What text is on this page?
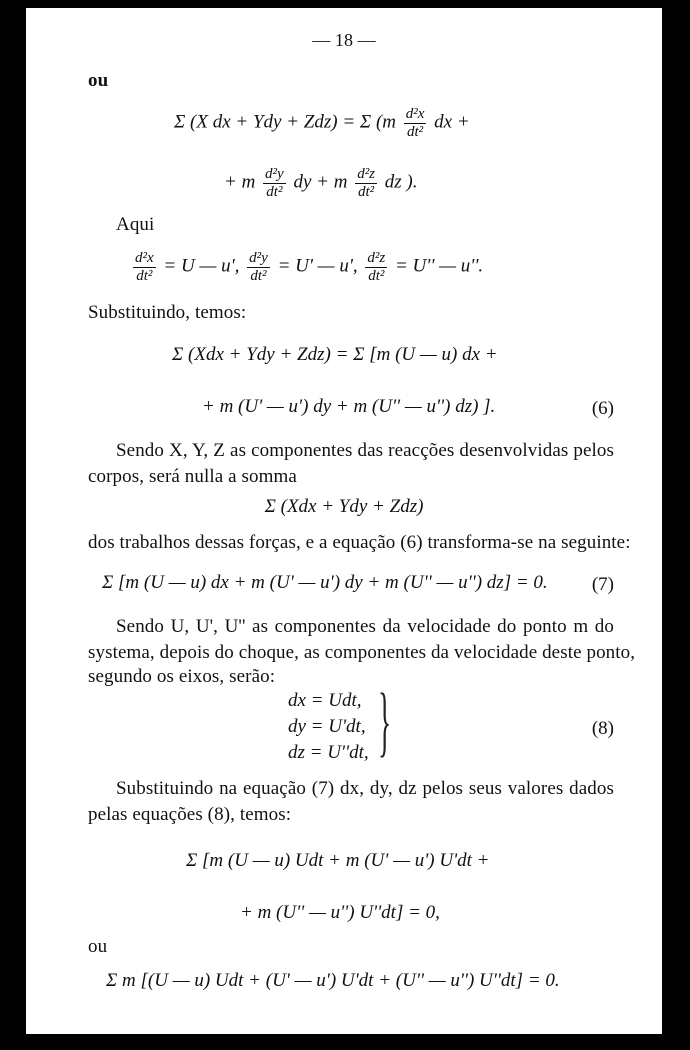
— 18 —
ou
Σ (X dx + Ydy + Zdz) = Σ ($m \frac{\text{d²x}}{\text{dt²}}$ dx +
+ m $\frac{\text{d²y}}{\text{dt²}}$ dy + m $\frac{\text{d²z}}{\text{dt²}}$ dz ).
Aqui
$\frac{\text{d²x}}{\text{dt²}} = U$ — u', $\frac{\text{d²y}}{\text{dt²}} = U'$ — u', $\frac{\text{d²z}}{\text{dt²}} = U''$ — u''.
Substituindo, temos:
Σ (Xdx + Ydy + Zdz) = Σ [m (U — u) dx +
+ m (U' — u') dy + m (U'' — u'') dz) ].	(6)
Sendo X, Y, Z as componentes das reacções desenvolvidas pelos
corpos, será nulla a somma
Σ (Xdx + Ydy + Zdz)
dos trabalhos dessas forças, e a equação (6) transforma-se na seguinte:
Σ [m (U — u) dx + m (U' — u') dy + m (U'' — u'') dz] = 0. (7)
Sendo U, U', U'' as componentes da velocidade do ponto m do
systema, depois do choque, as componentes da velocidade deste ponto,
segundo os eixos, serão:
dx = Udt,
dy = U'dt,
dz = U''dt, }	(8)
Substituindo na equação (7) dx, dy, dz pelos seus valores dados
pelas equações (8), temos:
Σ [m (U — u) Udt + m (U' — u') U'dt +
+ m (U'' — u'') U''dt] = 0,
ou
Σ m [(U — u) Udt + (U' — u') U'dt + (U'' — u'') U''dt] = 0.
